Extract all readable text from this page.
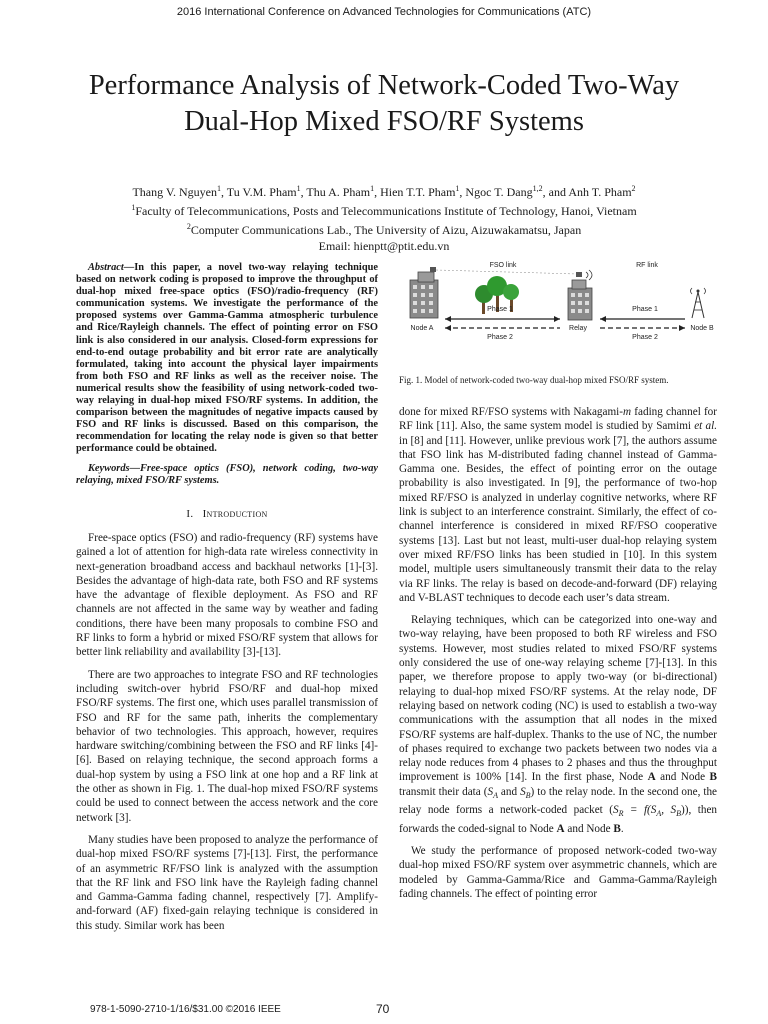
2016 International Conference on Advanced Technologies for Communications (ATC)
Performance Analysis of Network-Coded Two-Way
Dual-Hop Mixed FSO/RF Systems
Thang V. Nguyen$^1$, Tu V.M. Pham$^1$, Thu A. Pham$^1$, Hien T.T. Pham$^1$, Ngoc T. Dang$^{1,2}$, and Anh T. Pham$^2$
$^1$Faculty of Telecommunications, Posts and Telecommunications Institute of Technology, Hanoi, Vietnam
$^2$Computer Communications Lab., The University of Aizu, Aizuwakamatsu, Japan
Email: hienptt@ptit.edu.vn

Abstract—In this paper, a novel two-way relaying technique based on network coding is proposed to improve the throughput of dual-hop mixed free-space optics (FSO)/radio-frequency (RF) communication systems. We investigate the performance of the proposed systems over Gamma-Gamma atmospheric turbulence and Rice/Rayleigh channels. The effect of pointing error on FSO link is also considered in our analysis. Closed-form expressions for end-to-end outage probability and bit error rate are analytically formulated, taking into account the physical layer impairments from both FSO and RF links as well as the receiver noise. The numerical results show the feasibility of using network-coded two-way relaying in dual-hop mixed FSO/RF systems. In addition, the comparison between the magnitudes of negative impacts caused by FSO and RF links is discussed. Based on this comparison, the recommendation for locating the relay node is given so that better performance could be obtained.

Keywords—Free-space optics (FSO), network coding, two-way relaying, mixed FSO/RF systems.

I. Introduction

Free-space optics (FSO) and radio-frequency (RF) systems have gained a lot of attention for high-data rate wireless connectivity in next-generation broadband access and backhaul networks [1]-[3]. Besides the advantage of high-data rate, both FSO and RF systems have the advantage of flexible deployment. As FSO and RF channels are not affected in the same way by weather and fading conditions, there have been many proposals to combine FSO and RF links to form a hybrid or mixed FSO/RF system that allows for better link reliability and availability [3]-[13].

There are two approaches to integrate FSO and RF technologies including switch-over hybrid FSO/RF and dual-hop mixed FSO/RF systems. The first one, which uses parallel transmission of FSO and RF for the same path, inherits the complementary behavior of two technologies. This approach, however, requires hardware switching/combining between the FSO and RF links [4]-[6]. Based on relaying technique, the second approach forms a dual-hop system by using a FSO link at one hop and a RF link at the other as shown in Fig. 1. The dual-hop mixed FSO/RF systems could be used to connect between the access network and the core network [3].

Many studies have been proposed to analyze the performance of dual-hop mixed FSO/RF systems [7]-[13]. First, the performance of an asymmetric RF/FSO link is analyzed with the assumption that the RF link and FSO link have the Rayleigh fading channel and Gamma-Gamma fading channel, respectively [7]. Amplify-and-forward (AF) fixed-gain relaying technique is considered in this study. Similar work has been

FSO link	RF link
Phase 1
Phase 2
Phase 1
Phase 2
Node A	Relay	Node B
Fig. 1. Model of network-coded two-way dual-hop mixed FSO/RF system.

done for mixed RF/FSO systems with Nakagami-m fading channel for RF link [11]. Also, the same system model is studied by Samimi et al. in [8] and [11]. However, unlike previous work [7], the authors assume that FSO link has M-distributed fading channel instead of Gamma-Gamma one. Besides, the effect of pointing error on the outage probability is also investigated. In [9], the performance of two-hop mixed RF/FSO is analyzed in underlay cognitive networks, where RF link is subject to an interference constraint. Similarly, the effect of co-channel interference is considered in mixed RF/FSO cooperative systems [13]. Last but not least, multi-user dual-hop relaying system over mixed RF/FSO links has been studied in [10]. In this system model, multiple users simultaneously transmit their data to the relay via RF links. The relay is based on decode-and-forward (DF) relaying and V-BLAST techniques to decode each user’s data stream.

Relaying techniques, which can be categorized into one-way and two-way relaying, have been proposed to both RF wireless and FSO systems. However, most studies related to mixed FSO/RF systems only considered the use of one-way relaying scheme [7]-[13]. In this paper, we therefore propose to apply two-way (or bi-directional) relaying to dual-hop mixed FSO/RF systems. At the relay node, DF relaying based on network coding (NC) is used to establish a two-way communications with the assumption that all nodes in the mixed FSO/RF systems are half-duplex. Thanks to the use of NC, the number of phases required to exchange two packets between two nodes via a relay node reduces from 4 phases to 2 phases and thus the throughput improvement is 100% [14]. In the first phase, Node A and Node B transmit their data ($S_A$ and $S_B$) to the relay node. In the second one, the relay node forms a network-coded packet ($S_R = f(S_A$, $S_B$)), then forwards the coded-signal to Node A and Node B.

We study the performance of proposed network-coded two-way dual-hop mixed FSO/RF system over asymmetric channels, which are modeled by Gamma-Gamma/Rice and Gamma-Gamma/Rayleigh fading channels. The effect of pointing error

978-1-5090-2710-1/16/$31.00 ©2016 IEEE	70
